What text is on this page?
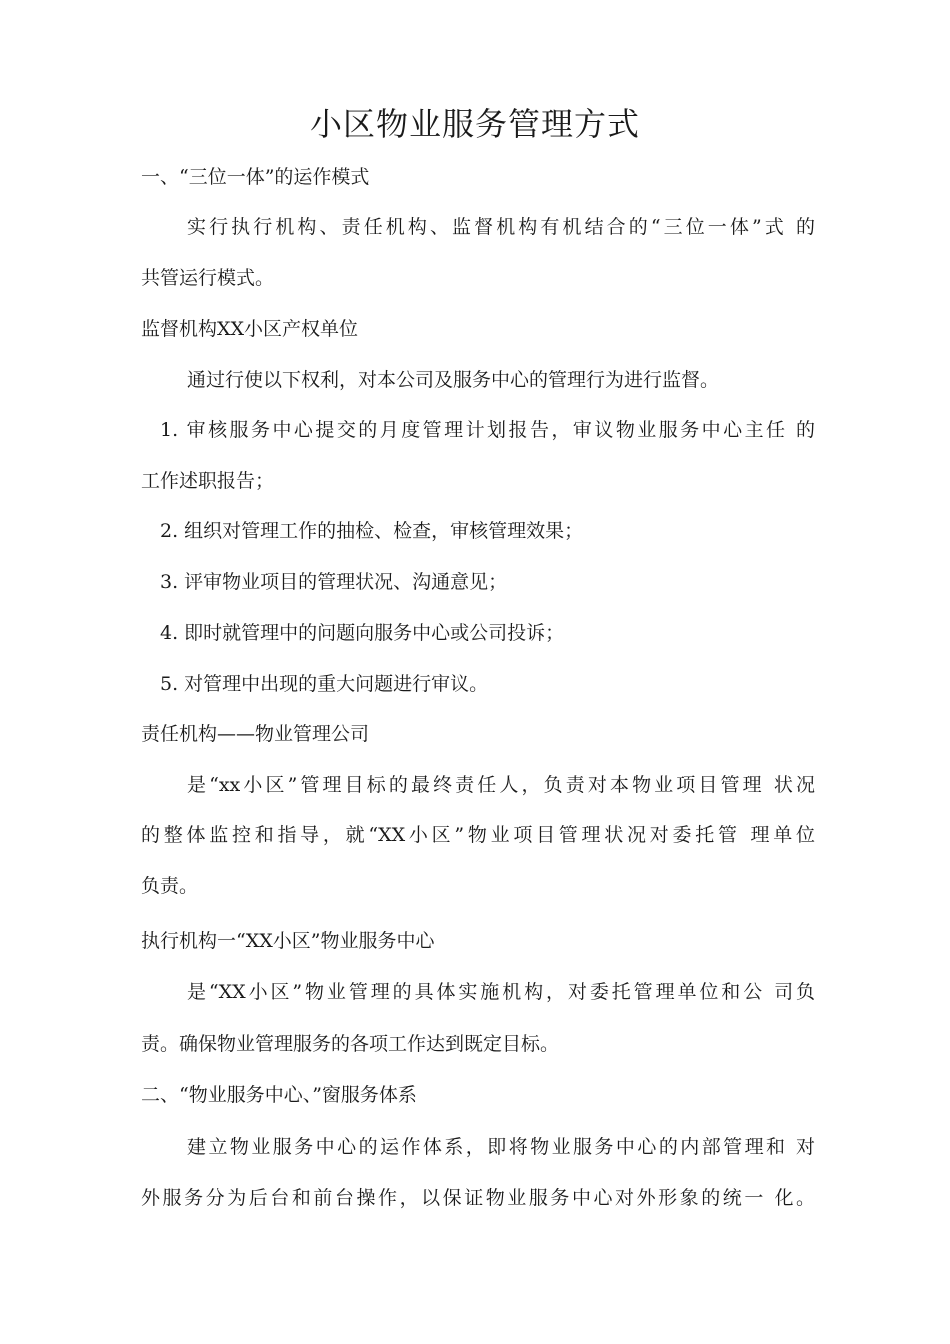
小区物业服务管理方式
一、“三位一体”的运作模式
实行执行机构、责任机构、监督机构有机结合的“三位一体”式 的
共管运行模式。
监督机构XX小区产权单位
通过行使以下权利，对本公司及服务中心的管理行为进行监督。
1. 审核服务中心提交的月度管理计划报告，审议物业服务中心主任 的
工作述职报告；
2. 组织对管理工作的抽检、检查，审核管理效果；
3. 评审物业项目的管理状况、沟通意见；
4. 即时就管理中的问题向服务中心或公司投诉；
5. 对管理中出现的重大问题进行审议。
责任机构——物业管理公司
是“xx小区”管理目标的最终责任人，负责对本物业项目管理 状况
的整体监控和指导，就“XX小区”物业项目管理状况对委托管 理单位
负责。
执行机构一“XX小区”物业服务中心
是“XX小区”物业管理的具体实施机构，对委托管理单位和公 司负
责。确保物业管理服务的各项工作达到既定目标。
二、“物业服务中心、”窗服务体系
建立物业服务中心的运作体系，即将物业服务中心的内部管理和 对
外服务分为后台和前台操作，以保证物业服务中心对外形象的统一 化。
